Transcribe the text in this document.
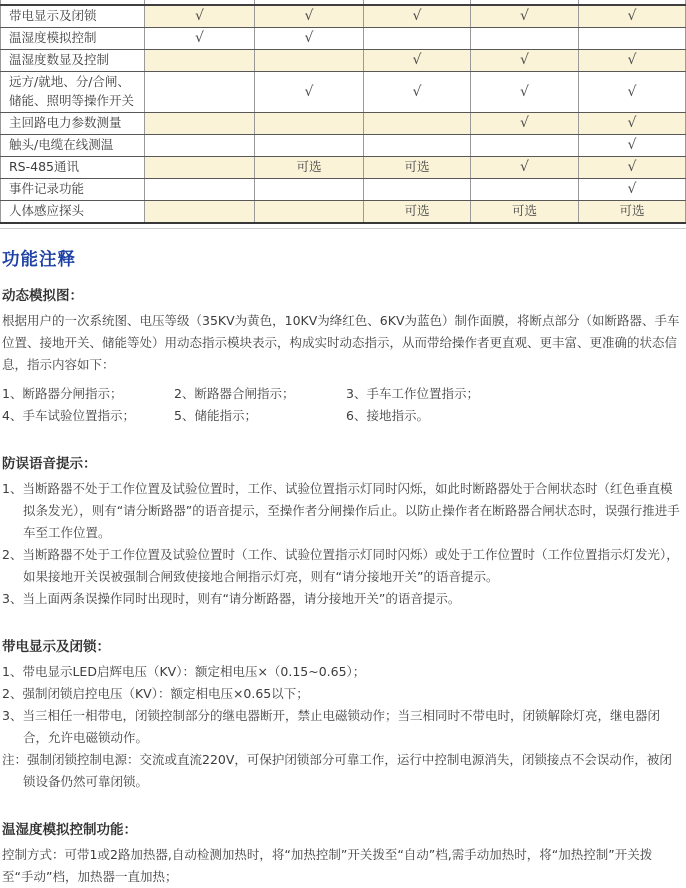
带电显示及闭锁	√	√	√	√	√
温湿度模拟控制	√	√			
温湿度数显及控制			√	√	√
远方/就地、分/合闸、储能、照明等操作开关		√	√	√	√
主回路电力参数测量				√	√
触头/电缆在线测温					√
RS-485通讯		可选	可选	√	√
事件记录功能					√
人体感应探头			可选	可选	可选
功能注释
动态模拟图：

根据用户的一次系统图、电压等级（35KV为黄色，10KV为绛红色、6KV为蓝色）制作面膜，将断点部分（如断路器、手车位置、接地开关、储能等处）用动态指示模块表示，构成实时动态指示，从而带给操作者更直观、更丰富、更准确的状态信息，指示内容如下：

1、断路器分闸指示；	2、断路器合闸指示；	3、手车工作位置指示；
4、手车试验位置指示；	5、储能指示；	6、接地指示。
防误语音提示：
1、当断路器不处于工作位置及试验位置时，工作、试验位置指示灯同时闪烁，如此时断路器处于合闸状态时（红色垂直模拟条发光），则有“请分断路器”的语音提示，至操作者分闸操作后止。以防止操作者在断路器合闸状态时，误强行推进手车至工作位置。
2、当断路器不处于工作位置及试验位置时（工作、试验位置指示灯同时闪烁）或处于工作位置时（工作位置指示灯发光），如果接地开关误被强制合闸致使接地合闸指示灯亮，则有“请分接地开关”的语音提示。
3、当上面两条误操作同时出现时，则有“请分断路器，请分接地开关”的语音提示。
带电显示及闭锁：
1、带电显示LED启辉电压（KV）：额定相电压×（0.15~0.65）；
2、强制闭锁启控电压（KV）：额定相电压×0.65以下；
3、当三相任一相带电，闭锁控制部分的继电器断开，禁止电磁锁动作；当三相同时不带电时，闭锁解除灯亮，继电器闭合，允许电磁锁动作。
注：强制闭锁控制电源：交流或直流220V，可保护闭锁部分可靠工作，运行中控制电源消失，闭锁接点不会误动作，被闭锁设备仍然可靠闭锁。
温湿度模拟控制功能：

控制方式：可带1或2路加热器,自动检测加热时，将“加热控制”开关拨至“自动”档,需手动加热时，将“加热控制”开关拨至“手动”档，加热器一直加热；
